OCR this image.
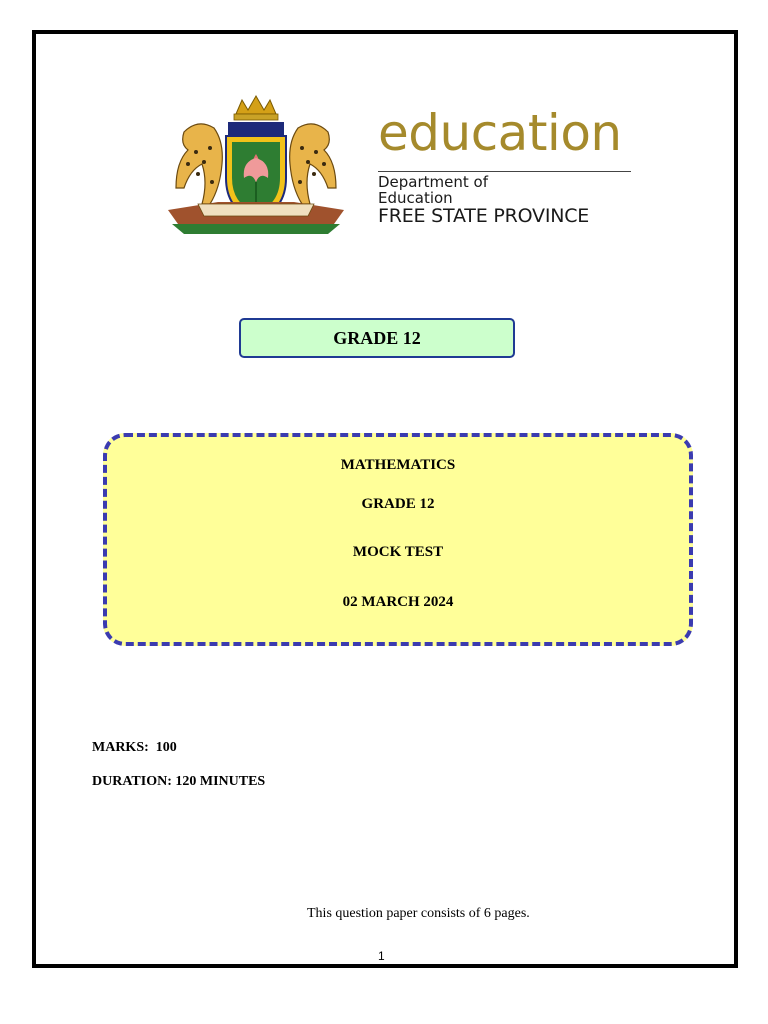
education
Department of
Education
FREE STATE PROVINCE
GRADE 12
MATHEMATICS
GRADE 12
MOCK TEST
02 MARCH 2024
MARKS:  100
DURATION: 120 MINUTES
This question paper consists of 6 pages.
1
